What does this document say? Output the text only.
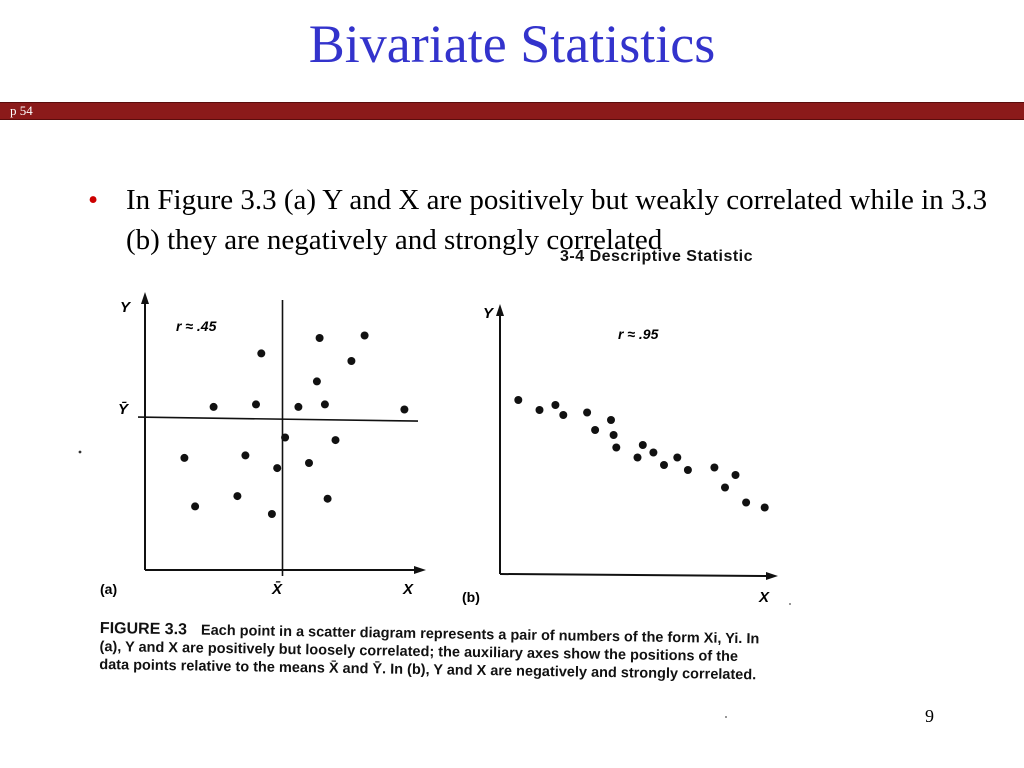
Bivariate Statistics
p 54
• In Figure 3.3 (a) Y and X are positively but weakly correlated while in 3.3 (b) they are negatively and strongly correlated
3-4 Descriptive Statistic
Y
Ȳ
X̄	X
(a)
r ≈ .45
Y
X
(b)
r ≈ .95
FIGURE 3.3 Each point in a scatter diagram represents a pair of numbers of the form Xi, Yi. In (a), Y and X are positively but loosely correlated; the auxiliary axes show the positions of the data points relative to the means X̄ and Ȳ. In (b), Y and X are negatively and strongly correlated.
9
